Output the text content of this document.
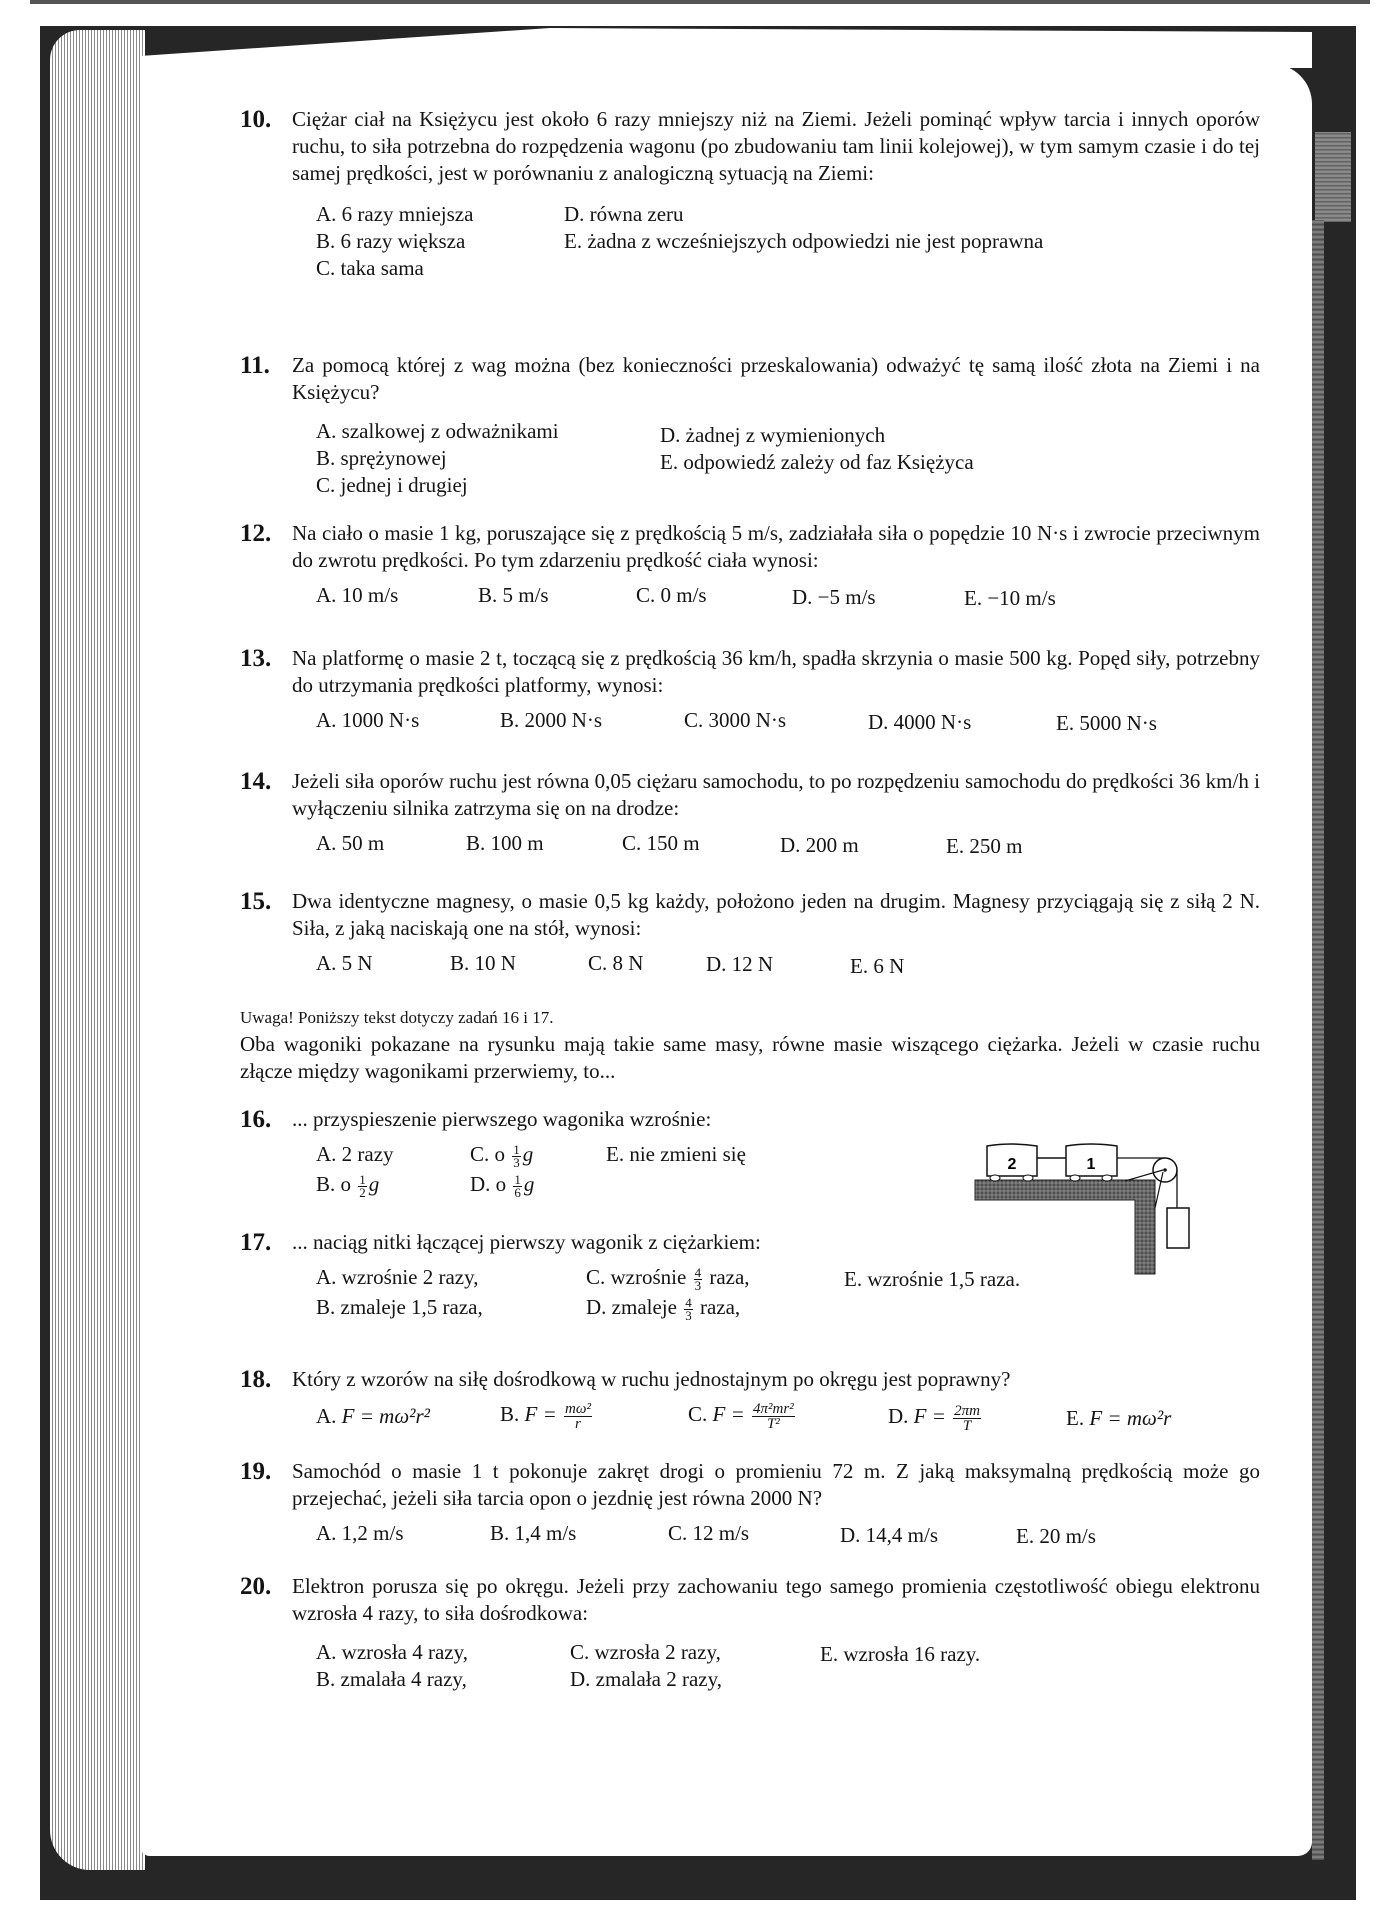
10. Ciężar ciał na Księżycu jest około 6 razy mniejszy niż na Ziemi. Jeżeli pominąć wpływ tarcia i innych oporów ruchu, to siła potrzebna do rozpędzenia wagonu (po zbudowaniu tam linii kolejowej), w tym samym czasie i do tej samej prędkości, jest w porównaniu z analogiczną sytuacją na Ziemi:
A. 6 razy mniejsza
B. 6 razy większa
C. taka sama
D. równa zeru
E. żadna z wcześniejszych odpowiedzi nie jest poprawna
11. Za pomocą której z wag można (bez konieczności przeskalowania) odważyć tę samą ilość złota na Ziemi i na Księżycu?
A. szalkowej z odważnikami
B. sprężynowej
C. jednej i drugiej
D. żadnej z wymienionych
E. odpowiedź zależy od faz Księżyca
12. Na ciało o masie 1 kg, poruszające się z prędkością 5 m/s, zadziałała siła o popędzie 10 N·s i zwrocie przeciwnym do zwrotu prędkości. Po tym zdarzeniu prędkość ciała wynosi:
A. 10 m/s	B. 5 m/s	C. 0 m/s	D. −5 m/s	E. −10 m/s
13. Na platformę o masie 2 t, toczącą się z prędkością 36 km/h, spadła skrzynia o masie 500 kg. Popęd siły, potrzebny do utrzymania prędkości platformy, wynosi:
A. 1000 N·s	B. 2000 N·s	C. 3000 N·s	D. 4000 N·s	E. 5000 N·s
14. Jeżeli siła oporów ruchu jest równa 0,05 ciężaru samochodu, to po rozpędzeniu samochodu do prędkości 36 km/h i wyłączeniu silnika zatrzyma się on na drodze:
A. 50 m	B. 100 m	C. 150 m	D. 200 m	E. 250 m
15. Dwa identyczne magnesy, o masie 0,5 kg każdy, położono jeden na drugim. Magnesy przyciągają się z siłą 2 N. Siła, z jaką naciskają one na stół, wynosi:
A. 5 N	B. 10 N	C. 8 N	D. 12 N	E. 6 N
Uwaga! Poniższy tekst dotyczy zadań 16 i 17.
Oba wagoniki pokazane na rysunku mają takie same masy, równe masie wiszącego ciężarka. Jeżeli w czasie ruchu złącze między wagonikami przerwiemy, to...
16. ... przyspieszenie pierwszego wagonika wzrośnie:
A. 2 razy
B. o $\frac{1}{2}$ g
C. o $\frac{1}{3}$ g
D. o $\frac{1}{6}$ g
E. nie zmieni się	2	1
17. ... naciąg nitki łączącej pierwszy wagonik z ciężarkiem:
A. wzrośnie 2 razy,
B. zmaleje 1,5 raza,
C. wzrośnie $\frac{4}{3}$ raza,
D. zmaleje $\frac{4}{3}$ raza,
E. wzrośnie 1,5 raza.
18. Który z wzorów na siłę dośrodkową w ruchu jednostajnym po okręgu jest poprawny?
A. F = mω²r²	B. $F = \frac{\text{mω²}}{r}$	C. $F = \frac{\text{4π²mr²}}{\text{T²}}$	D. $F = \frac{2\pi m}{T}$	E. F = mω²r
19. Samochód o masie 1 t pokonuje zakręt drogi o promieniu 72 m. Z jaką maksymalną prędkością może go przejechać, jeżeli siła tarcia opon o jezdnię jest równa 2000 N?
A. 1,2 m/s	B. 1,4 m/s	C. 12 m/s	D. 14,4 m/s	E. 20 m/s
20. Elektron porusza się po okręgu. Jeżeli przy zachowaniu tego samego promienia częstotliwość obiegu elektronu wzrosła 4 razy, to siła dośrodkowa:
A. wzrosła 4 razy,
B. zmalała 4 razy,
C. wzrosła 2 razy,
D. zmalała 2 razy,
E. wzrosła 16 razy.
